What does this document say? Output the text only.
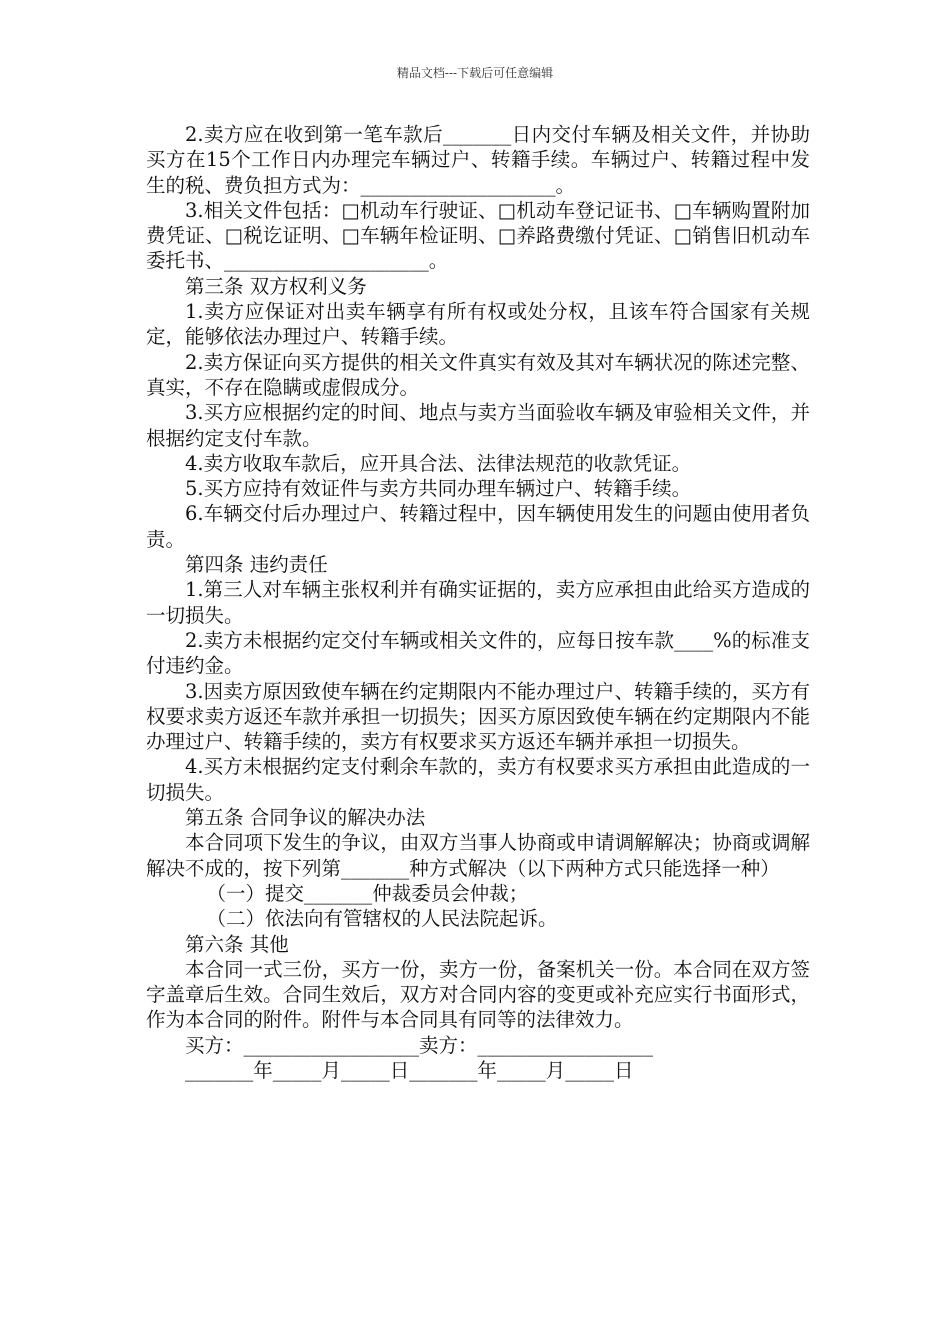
精品文档---下载后可任意编辑

2.卖方应在收到第一笔车款后_______日内交付车辆及相关文件，并协助买方在15个工作日内办理完车辆过户、转籍手续。车辆过户、转籍过程中发生的税、费负担方式为：____________________。

3.相关文件包括：□机动车行驶证、□机动车登记证书、□车辆购置附加费凭证、□税讫证明、□车辆年检证明、□养路费缴付凭证、□销售旧机动车委托书、_____________________。

第三条 双方权利义务

1.卖方应保证对出卖车辆享有所有权或处分权，且该车符合国家有关规定，能够依法办理过户、转籍手续。

2.卖方保证向买方提供的相关文件真实有效及其对车辆状况的陈述完整、真实，不存在隐瞒或虚假成分。

3.买方应根据约定的时间、地点与卖方当面验收车辆及审验相关文件，并根据约定支付车款。

4.卖方收取车款后，应开具合法、法律法规范的收款凭证。

5.买方应持有效证件与卖方共同办理车辆过户、转籍手续。

6.车辆交付后办理过户、转籍过程中，因车辆使用发生的问题由使用者负责。

第四条 违约责任

1.第三人对车辆主张权利并有确实证据的，卖方应承担由此给买方造成的一切损失。

2.卖方未根据约定交付车辆或相关文件的，应每日按车款____%的标准支付违约金。

3.因卖方原因致使车辆在约定期限内不能办理过户、转籍手续的，买方有权要求卖方返还车款并承担一切损失；因买方原因致使车辆在约定期限内不能办理过户、转籍手续的，卖方有权要求买方返还车辆并承担一切损失。

4.买方未根据约定支付剩余车款的，卖方有权要求买方承担由此造成的一切损失。

第五条 合同争议的解决办法

本合同项下发生的争议，由双方当事人协商或申请调解解决；协商或调解解决不成的，按下列第_______种方式解决（以下两种方式只能选择一种）

（一）提交_______仲裁委员会仲裁；

（二）依法向有管辖权的人民法院起诉。

第六条 其他

本合同一式三份，买方一份，卖方一份，备案机关一份。本合同在双方签字盖章后生效。合同生效后，双方对合同内容的变更或补充应实行书面形式，作为本合同的附件。附件与本合同具有同等的法律效力。

买方：__________________卖方：__________________

_______年_____月_____日_______年_____月_____日
